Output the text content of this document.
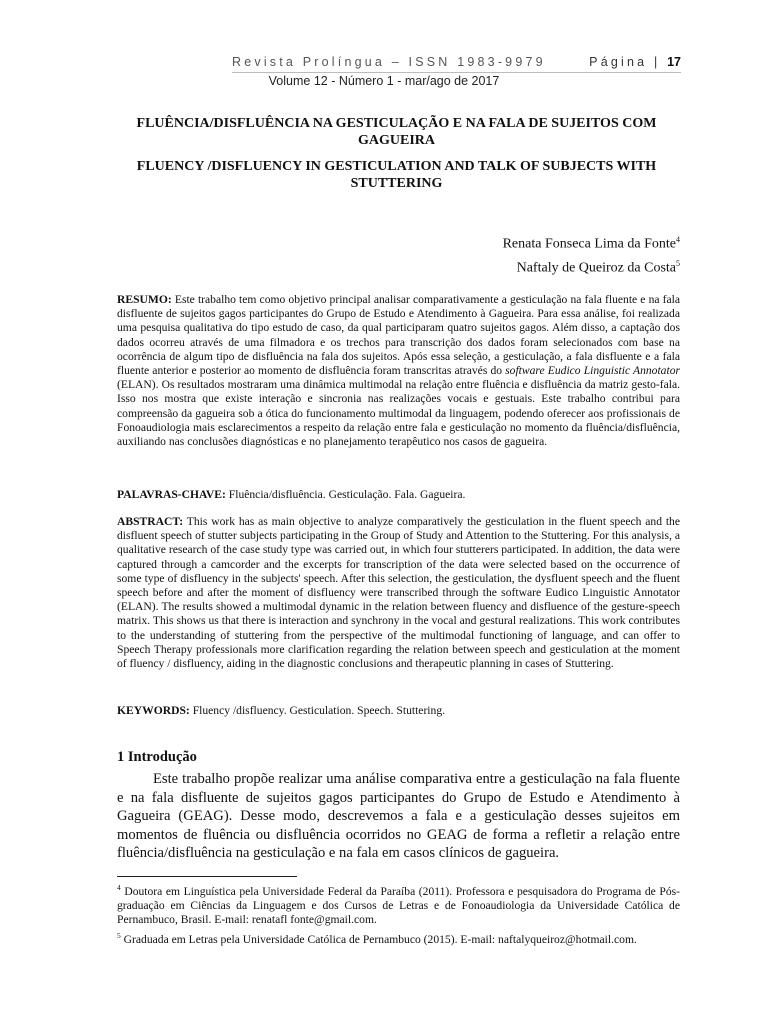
Revista Prolíngua – ISSN 1983-9979	Página | 17
Volume 12 - Número 1 - mar/ago de 2017
FLUÊNCIA/DISFLUÊNCIA NA GESTICULAÇÃO E NA FALA DE SUJEITOS COM GAGUEIRA
FLUENCY /DISFLUENCY IN GESTICULATION AND TALK OF SUBJECTS WITH STUTTERING
Renata Fonseca Lima da Fonte$^4$
Naftaly de Queiroz da Costa$^5$
RESUMO: Este trabalho tem como objetivo principal analisar comparativamente a gesticulação na fala fluente e na fala disfluente de sujeitos gagos participantes do Grupo de Estudo e Atendimento à Gagueira. Para essa análise, foi realizada uma pesquisa qualitativa do tipo estudo de caso, da qual participaram quatro sujeitos gagos. Além disso, a captação dos dados ocorreu através de uma filmadora e os trechos para transcrição dos dados foram selecionados com base na ocorrência de algum tipo de disfluência na fala dos sujeitos. Após essa seleção, a gesticulação, a fala disfluente e a fala fluente anterior e posterior ao momento de disfluência foram transcritas através do software Eudico Linguistic Annotator (ELAN). Os resultados mostraram uma dinâmica multimodal na relação entre fluência e disfluência da matriz gesto-fala. Isso nos mostra que existe interação e sincronia nas realizações vocais e gestuais. Este trabalho contribui para compreensão da gagueira sob a ótica do funcionamento multimodal da linguagem, podendo oferecer aos profissionais de Fonoaudiologia mais esclarecimentos a respeito da relação entre fala e gesticulação no momento da fluência/disfluência, auxiliando nas conclusões diagnósticas e no planejamento terapêutico nos casos de gagueira.
PALAVRAS-CHAVE: Fluência/disfluência. Gesticulação. Fala. Gagueira.
ABSTRACT: This work has as main objective to analyze comparatively the gesticulation in the fluent speech and the disfluent speech of stutter subjects participating in the Group of Study and Attention to the Stuttering. For this analysis, a qualitative research of the case study type was carried out, in which four stutterers participated. In addition, the data were captured through a camcorder and the excerpts for transcription of the data were selected based on the occurrence of some type of disfluency in the subjects' speech. After this selection, the gesticulation, the dysfluent speech and the fluent speech before and after the moment of disfluency were transcribed through the software Eudico Linguistic Annotator (ELAN). The results showed a multimodal dynamic in the relation between fluency and disfluence of the gesture-speech matrix. This shows us that there is interaction and synchrony in the vocal and gestural realizations. This work contributes to the understanding of stuttering from the perspective of the multimodal functioning of language, and can offer to Speech Therapy professionals more clarification regarding the relation between speech and gesticulation at the moment of fluency / disfluency, aiding in the diagnostic conclusions and therapeutic planning in cases of Stuttering.
KEYWORDS: Fluency /disfluency. Gesticulation. Speech. Stuttering.
1 Introdução
Este trabalho propõe realizar uma análise comparativa entre a gesticulação na fala fluente e na fala disfluente de sujeitos gagos participantes do Grupo de Estudo e Atendimento à Gagueira (GEAG). Desse modo, descrevemos a fala e a gesticulação desses sujeitos em momentos de fluência ou disfluência ocorridos no GEAG de forma a refletir a relação entre fluência/disfluência na gesticulação e na fala em casos clínicos de gagueira.
$^4$ Doutora em Linguística pela Universidade Federal da Paraíba (2011). Professora e pesquisadora do Programa de Pós-graduação em Ciências da Linguagem e dos Cursos de Letras e de Fonoaudiologia da Universidade Católica de Pernambuco, Brasil. E-mail: renatafl fonte@gmail.com.
$^5$ Graduada em Letras pela Universidade Católica de Pernambuco (2015). E-mail: naftalyqueiroz@hotmail.com.
